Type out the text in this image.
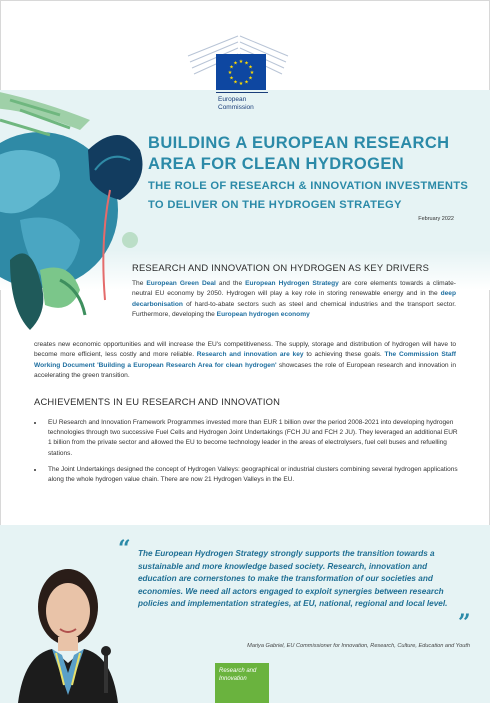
★ ★
★
★
★
★
★
★
★
★
★
★
European
Commission
BUILDING A EUROPEAN RESEARCH
AREA FOR CLEAN HYDROGEN
THE ROLE OF RESEARCH & INNOVATION INVESTMENTS
TO DELIVER ON THE HYDROGEN STRATEGY
February 2022
RESEARCH AND INNOVATION ON HYDROGEN AS KEY DRIVERS
The European Green Deal and the European Hydrogen Strategy are core elements towards a climate-neutral EU economy by 2050. Hydrogen will play a key role in storing renewable energy and in the deep decarbonisation of hard-to-abate sectors such as steel and chemical industries and the transport sector. Furthermore, developing the European hydrogen economy
creates new economic opportunities and will increase the EU's competitiveness. The supply, storage and distribution of hydrogen will have to become more efficient, less costly and more reliable. Research and innovation are key to achieving these goals. The Commission Staff Working Document 'Building a European Research Area for clean hydrogen' showcases the role of European research and innovation in accelerating the green transition.
ACHIEVEMENTS IN EU RESEARCH AND INNOVATION
• EU Research and Innovation Framework Programmes invested more than EUR 1 billion over the period 2008-2021 into developing hydrogen technologies through two successive Fuel Cells and Hydrogen Joint Undertakings (FCH JU and FCH 2 JU). They leveraged an additional EUR 1 billion from the private sector and allowed the EU to become technology leader in the areas of electrolysers, fuel cell buses and refuelling stations.
• The Joint Undertakings designed the concept of Hydrogen Valleys: geographical or industrial clusters combining several hydrogen applications along the whole hydrogen value chain. There are now 21 Hydrogen Valleys in the EU.
“ The European Hydrogen Strategy strongly supports the transition towards a sustainable and more knowledge based society. Research, innovation and education are cornerstones to make the transformation of our societies and economies. We need all actors engaged to exploit synergies between research policies and implementation strategies, at EU, national, regional and local level.
”
Mariya Gabriel, EU Commissioner for Innovation, Research, Culture, Education and Youth
Research and
Innovation
